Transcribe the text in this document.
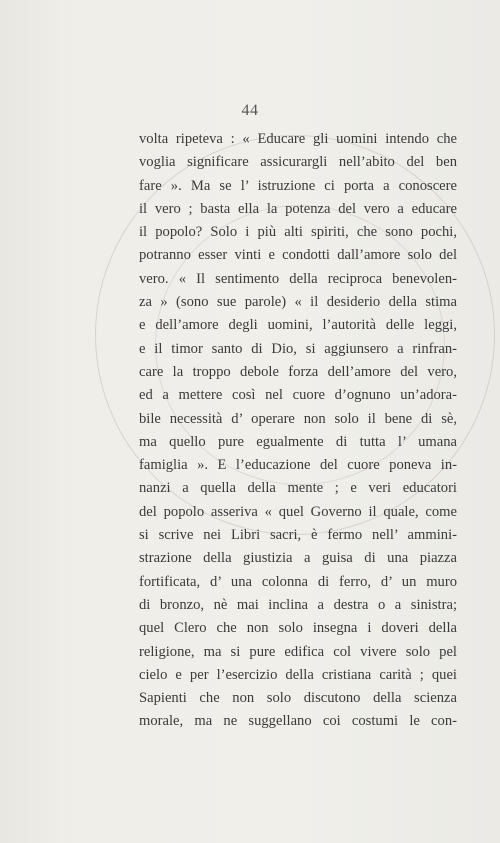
44
volta ripeteva : « Educare gli uomini intendo che
voglia significare assicurargli nell’abito del ben
fare ». Ma se l’ istruzione ci porta a conoscere
il vero ; basta ella la potenza del vero a educare
il popolo? Solo i più alti spiriti, che sono pochi,
potranno esser vinti e condotti dall’amore solo del
vero. « Il sentimento della reciproca benevolen-
za » (sono sue parole) « il desiderio della stima
e dell’amore degli uomini, l’autorità delle leggi,
e il timor santo di Dio, si aggiunsero a rinfran-
care la troppo debole forza dell’amore del vero,
ed a mettere così nel cuore d’ognuno un’adora-
bile necessità d’ operare non solo il bene di sè,
ma quello pure egualmente di tutta l’ umana
famiglia ». E l’educazione del cuore poneva in-
nanzi a quella della mente ; e veri educatori
del popolo asseriva « quel Governo il quale, come
si scrive nei Libri sacri, è fermo nell’ ammini-
strazione della giustizia a guisa di una piazza
fortificata, d’ una colonna di ferro, d’ un muro
di bronzo, nè mai inclina a destra o a sinistra;
quel Clero che non solo insegna i doveri della
religione, ma si pure edifica col vivere solo pel
cielo e per l’esercizio della cristiana carità ; quei
Sapienti che non solo discutono della scienza
morale, ma ne suggellano coi costumi le con-
